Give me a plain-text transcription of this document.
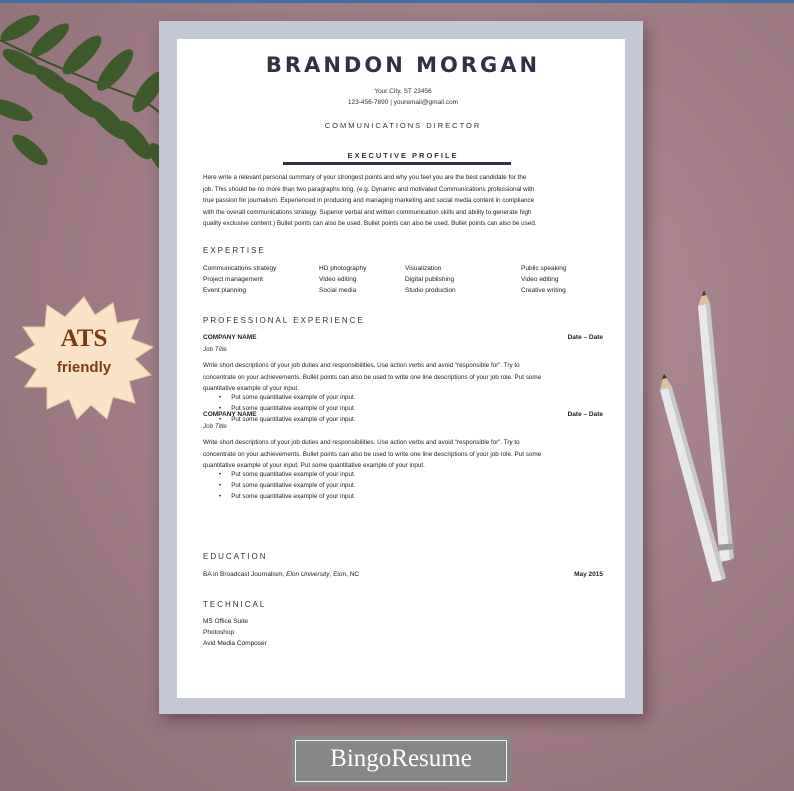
ATS
friendly
BRANDON MORGAN
Your City, ST 23456
123-456-7890 | youremail@gmail.com
COMMUNICATIONS DIRECTOR
EXECUTIVE PROFILE
Here write a relevant personal summary of your strongest points and why you feel you are the best candidate for the
job. This should be no more than two paragraphs long. (e.g. Dynamic and motivated Communications professional with
true passion for journalism. Experienced in producing and managing marketing and social media content in compliance
with the overall communications strategy. Superior verbal and written communication skills and ability to generate high
quality exclusive content.) Bullet points can also be used. Bullet points can also be used. Bullet points can also be used.
EXPERTISE
Communications strategy	HD photography	Visualization	Public speaking
Project management	Video editing	Digital publishing	Video editing
Event planning	Social media	Studio production	Creative writing
PROFESSIONAL EXPERIENCE
COMPANY NAME	Date – Date
Job Title
Write short descriptions of your job duties and responsibilities. Use action verbs and avoid “responsible for”. Try to
concentrate on your achievements. Bullet points can also be used to write one line descriptions of your job role. Put some
quantitative example of your input.
• Put some quantitative example of your input.
• Put some quantitative example of your input.
• Put some quantitative example of your input.
COMPANY NAME	Date – Date
Job Title
Write short descriptions of your job duties and responsibilities. Use action verbs and avoid “responsible for”. Try to
concentrate on your achievements. Bullet points can also be used to write one line descriptions of your job role. Put some
quantitative example of your input. Put some quantitative example of your input.
• Put some quantitative example of your input.
• Put some quantitative example of your input.
• Put some quantitative example of your input.
EDUCATION
BA in Broadcast Journalism, Elon University, Elon, NC	May 2015
TECHNICAL
MS Office Suite
Photoshop
Avid Media Composer
BingoResume
